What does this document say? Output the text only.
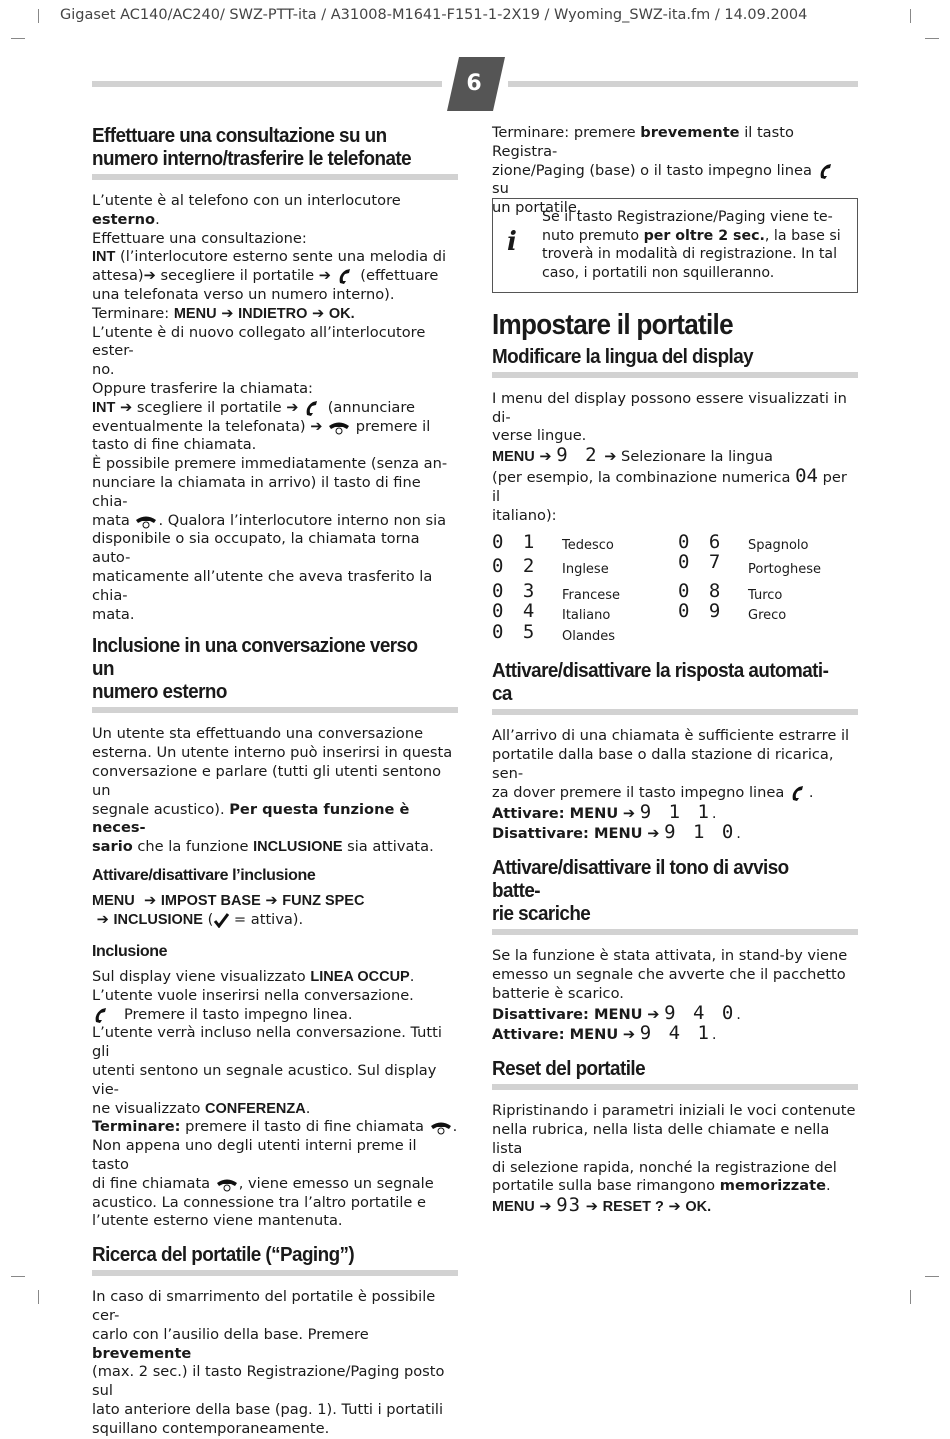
Gigaset AC140/AC240/ SWZ-PTT-ita / A31008-M1641-F151-1-2X19 / Wyoming_SWZ-ita.fm / 14.09.2004
6
Effettuare una consultazione su un
numero interno/trasferire le telefonate

L’utente è al telefono con un interlocutore esterno.

Effettuare una consultazione:

INT (l’interlocutore esterno sente una melodia di
attesa)➔ secegliere il portatile ➔  (effettuare
una telefonata verso un numero interno).

Terminare: MENU ➔ INDIETRO ➔ OK.

L’utente è di nuovo collegato all’interlocutore ester-
no.

Oppure trasferire la chiamata:

INT ➔ scegliere il portatile ➔  (annunciare
eventualmente la telefonata) ➔  premere il
tasto di fine chiamata.

È possibile premere immediatamente (senza an-
nunciare la chiamata in arrivo) il tasto di fine chia-
mata . Qualora l’interlocutore interno non sia
disponibile o sia occupato, la chiamata torna auto-
maticamente all’utente che aveva trasferito la chia-
mata.

Inclusione in una conversazione verso un
numero esterno

Un utente sta effettuando una conversazione
esterna. Un utente interno può inserirsi in questa
conversazione e parlare (tutti gli utenti sentono un
segnale acustico). Per questa funzione è neces-
sario che la funzione INCLUSIONE sia attivata.

Attivare/disattivare l’inclusione

MENU ➔ IMPOST BASE ➔ FUNZ SPEC
➔ INCLUSIONE ( = attiva).

Inclusione

Sul display viene visualizzato LINEA OCCUP.

L’utente vuole inserirsi nella conversazione.

Premere il tasto impegno linea.

L’utente verrà incluso nella conversazione. Tutti gli
utenti sentono un segnale acustico. Sul display vie-
ne visualizzato CONFERENZA.

Terminare: premere il tasto di fine chiamata .

Non appena uno degli utenti interni preme il tasto
di fine chiamata , viene emesso un segnale
acustico. La connessione tra l’altro portatile e
l’utente esterno viene mantenuta.

Ricerca del portatile (“Paging”)

In caso di smarrimento del portatile è possibile cer-
carlo con l’ausilio della base. Premere brevemente
(max. 2 sec.) il tasto Registrazione/Paging posto sul
lato anteriore della base (pag. 1). Tutti i portatili
squillano contemporaneamente.

Terminare: premere brevemente il tasto Registra-
zione/Paging (base) o il tasto impegno linea  su
un portatile.

i
Se il tasto Registrazione/Paging viene te-
nuto premuto per oltre 2 sec., la base si
troverà in modalità di registrazione. In tal
caso, i portatili non squilleranno.
Impostare il portatile
Modificare la lingua del display

I menu del display possono essere visualizzati in di-
verse lingue.

MENU ➔ 9 2 ➔ Selezionare la lingua

(per esempio, la combinazione numerica 04 per il
italiano):

0 1 Tedesco
0 2 Inglese
0 3 Francese
0 4 Italiano
0 5 Olandes
0 6 Spagnolo
0 7 Portoghese
0 8 Turco
0 9 Greco
Attivare/disattivare la risposta automati-
ca

All’arrivo di una chiamata è sufficiente estrarre il
portatile dalla base o dalla stazione di ricarica, sen-
za dover premere il tasto impegno linea .

Attivare: MENU ➔ 9 1 1.

Disattivare: MENU ➔ 9 1 0.

Attivare/disattivare il tono di avviso batte-
rie scariche

Se la funzione è stata attivata, in stand-by viene
emesso un segnale che avverte che il pacchetto
batterie è scarico.

Disattivare: MENU ➔ 9 4 0.

Attivare: MENU ➔ 9 4 1.

Reset del portatile

Ripristinando i parametri iniziali le voci contenute
nella rubrica, nella lista delle chiamate e nella lista
di selezione rapida, nonché la registrazione del
portatile sulla base rimangono memorizzate.

MENU ➔ 93 ➔ RESET ? ➔ OK.
